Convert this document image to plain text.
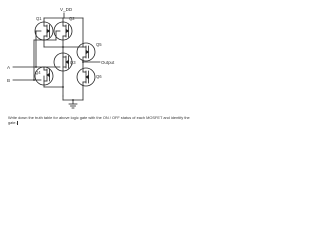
V_DD
Q1	Q2
Q3
Q4
Q5
Q6
A
B
Output
Write down the truth table for above logic gate with the ON / OFF status of each MOSFET and identify the gate.
